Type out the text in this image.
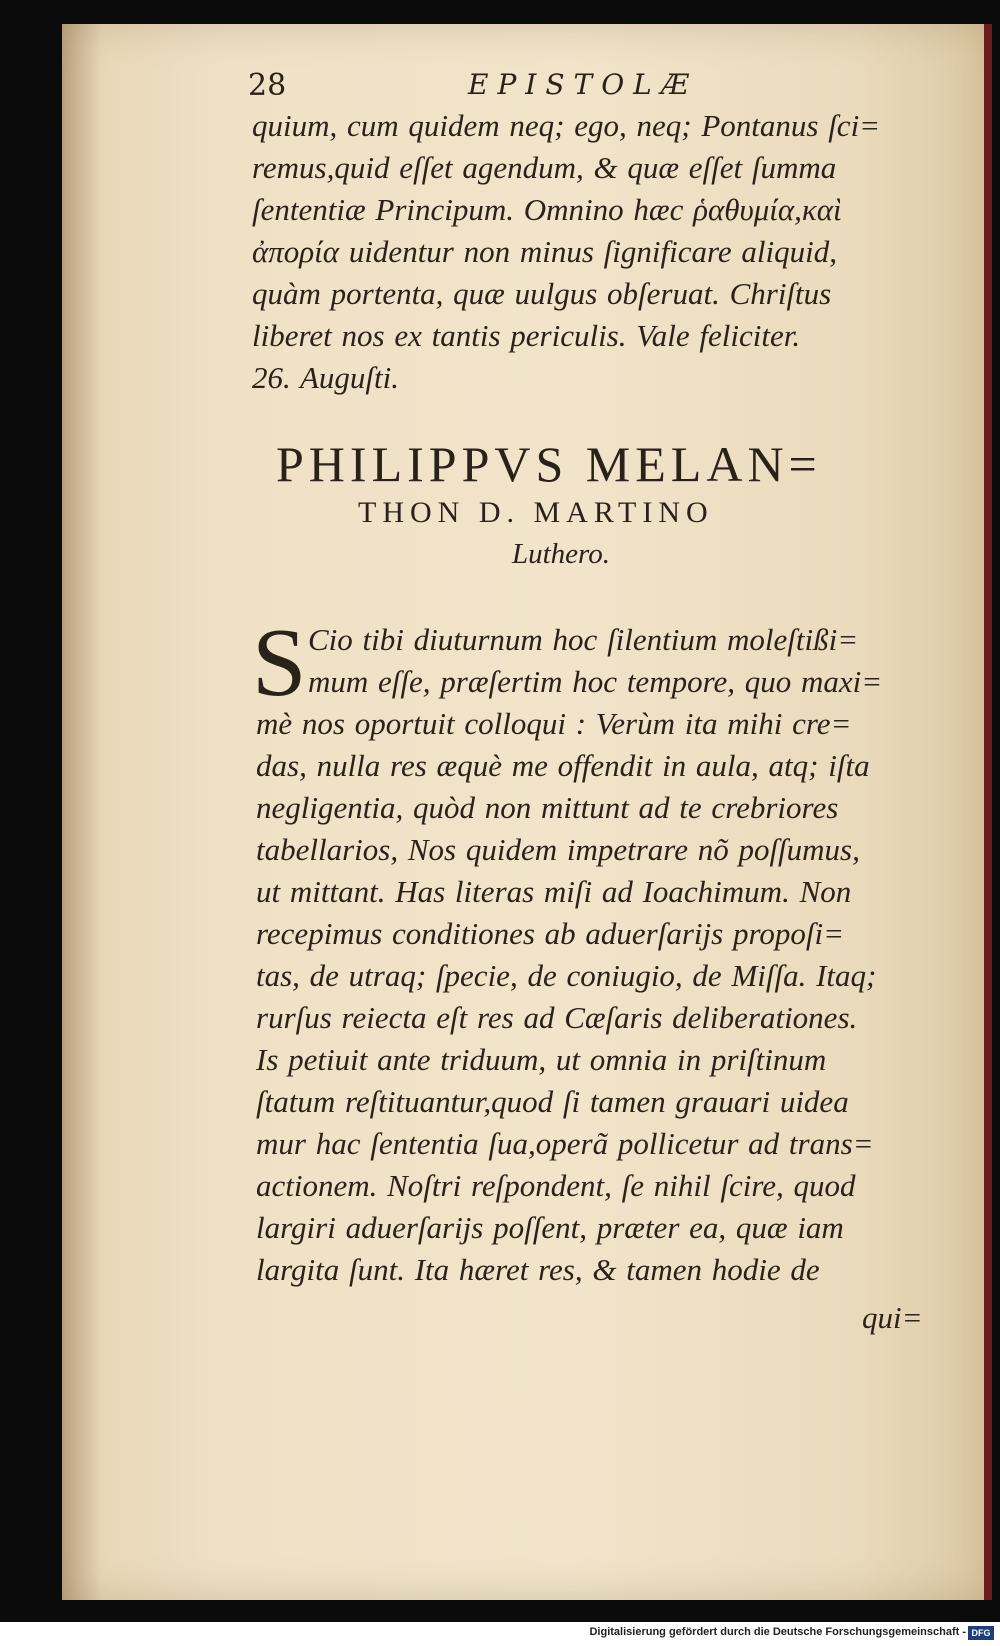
28	EPISTOLÆ
quium, cum quidem neq; ego, neq; Pontanus ſci=
remus,quid eſſet agendum, & quæ eſſet ſumma
ſententiæ Principum. Omnino hæc ῥαθυμία,καὶ
ἀπορία uidentur non minus ſignificare aliquid,
quàm portenta, quæ uulgus obſeruat. Chriſtus
liberet nos ex tantis periculis. Vale feliciter.
26. Auguſti.
PHILIPPVS MELAN=
THON D. MARTINO
Luthero.
S Cio tibi diuturnum hoc ſilentium moleſtißi=
mum eſſe, præſertim hoc tempore, quo maxi=
mè nos oportuit colloqui : Verùm ita mihi cre=
das, nulla res æquè me offendit in aula, atq; iſta
negligentia, quòd non mittunt ad te crebriores
tabellarios, Nos quidem impetrare nõ poſſumus,
ut mittant. Has literas miſi ad Ioachimum. Non
recepimus conditiones ab aduerſarijs propoſi=
tas, de utraq; ſpecie, de coniugio, de Miſſa. Itaq;
rurſus reiecta eſt res ad Cæſaris deliberationes.
Is petiuit ante triduum, ut omnia in priſtinum
ſtatum reſtituantur,quod ſi tamen grauari uidea
mur hac ſententia ſua,operã pollicetur ad trans=
actionem. Noſtri reſpondent, ſe nihil ſcire, quod
largiri aduerſarijs poſſent, præter ea, quæ iam
largita ſunt. Ita hæret res, & tamen hodie de
qui=
Digitalisierung gefördert durch die Deutsche Forschungsgemeinschaft - DFG
